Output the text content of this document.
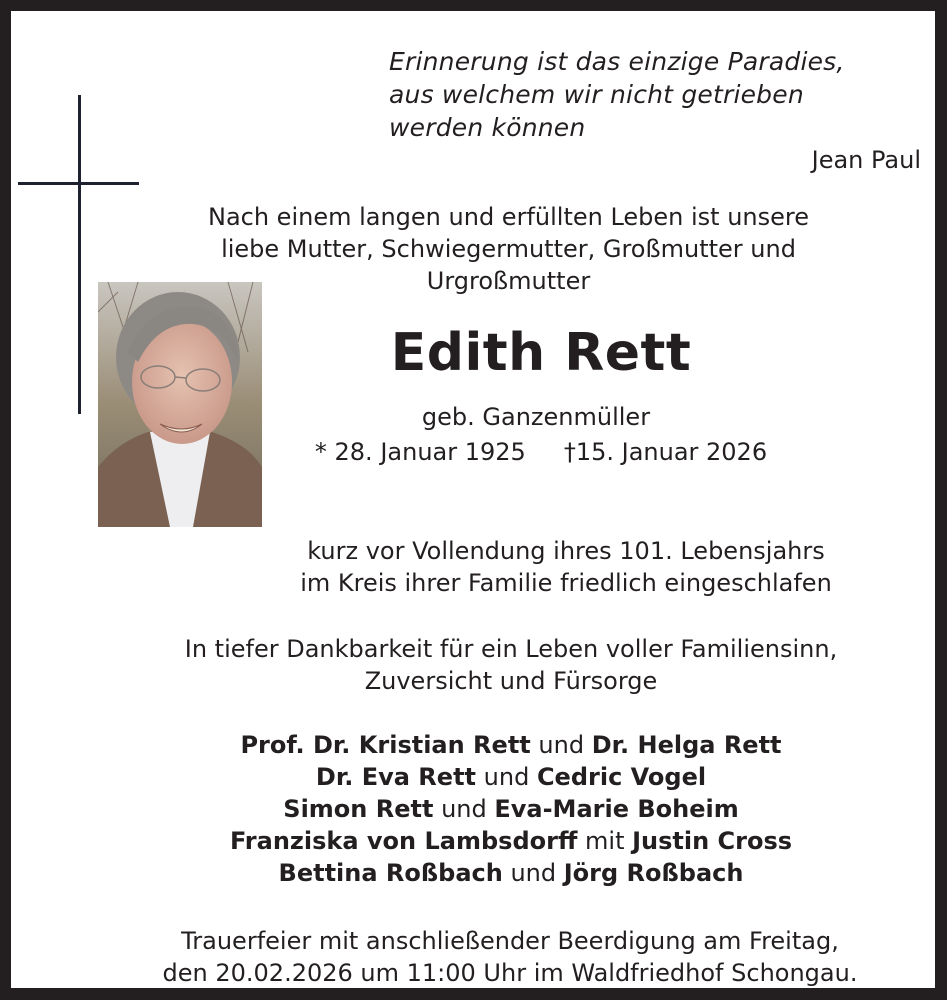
Erinnerung ist das einzige Paradies,
aus welchem wir nicht getrieben
werden können
Jean Paul
Nach einem langen und erfüllten Leben ist unsere
liebe Mutter, Schwiegermutter, Großmutter und
Urgroßmutter
Edith Rett
geb. Ganzenmüller
* 28. Januar 1925 †15. Januar 2026
kurz vor Vollendung ihres 101. Lebensjahrs
im Kreis ihrer Familie friedlich eingeschlafen
In tiefer Dankbarkeit für ein Leben voller Familiensinn,
Zuversicht und Fürsorge
Prof. Dr. Kristian Rett und Dr. Helga Rett
Dr. Eva Rett und Cedric Vogel
Simon Rett und Eva-Marie Boheim
Franziska von Lambsdorff mit Justin Cross
Bettina Roßbach und Jörg Roßbach
Trauerfeier mit anschließender Beerdigung am Freitag,
den 20.02.2026 um 11:00 Uhr im Waldfriedhof Schongau.
